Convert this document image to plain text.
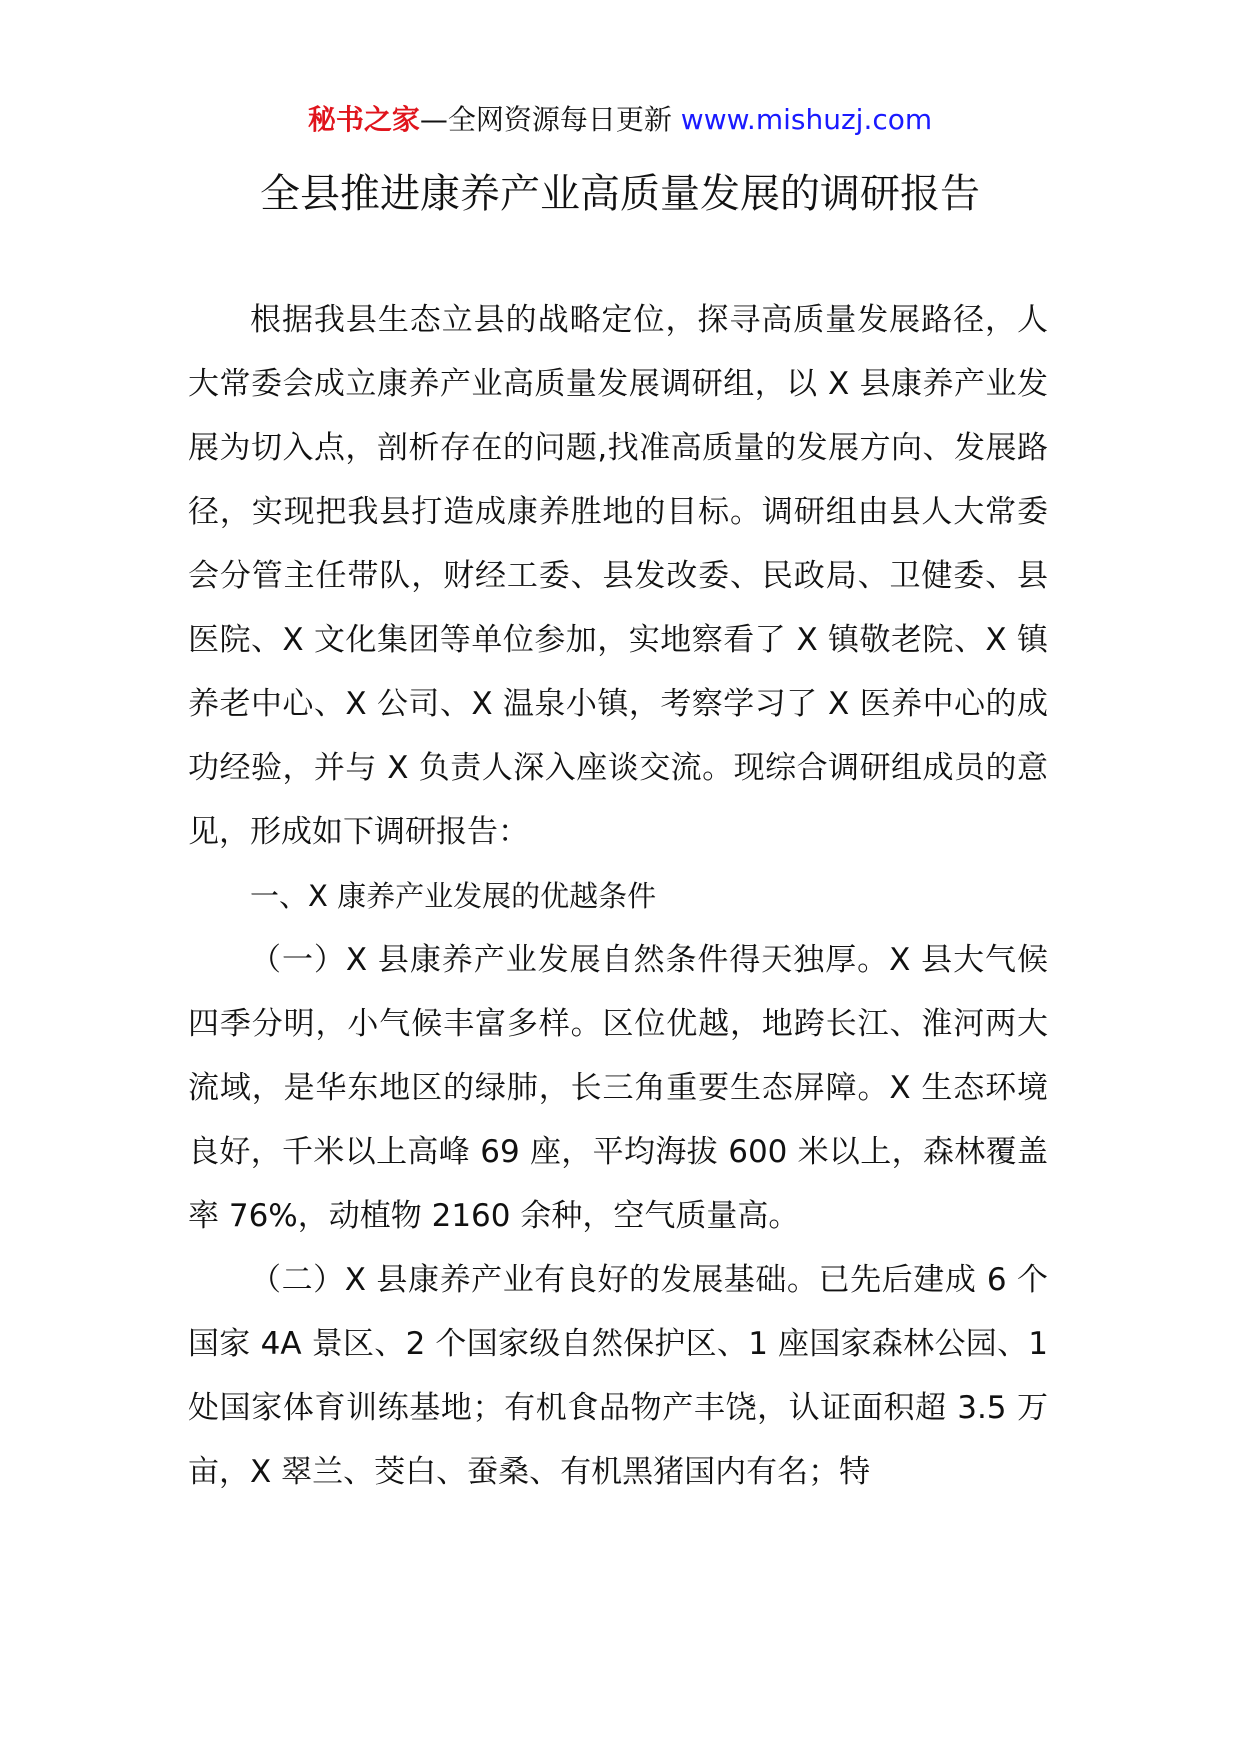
秘书之家—全网资源每日更新 www.mishuzj.com
全县推进康养产业高质量发展的调研报告

根据我县生态立县的战略定位，探寻高质量发展路径，人大常委会成立康养产业高质量发展调研组，以 X 县康养产业发展为切入点，剖析存在的问题,找准高质量的发展方向、发展路径，实现把我县打造成康养胜地的目标。调研组由县人大常委会分管主任带队，财经工委、县发改委、民政局、卫健委、县医院、X 文化集团等单位参加，实地察看了 X 镇敬老院、X 镇养老中心、X 公司、X 温泉小镇，考察学习了 X 医养中心的成功经验，并与 X 负责人深入座谈交流。现综合调研组成员的意见，形成如下调研报告：

一、X 康养产业发展的优越条件

（一）X 县康养产业发展自然条件得天独厚。X 县大气候四季分明，小气候丰富多样。区位优越，地跨长江、淮河两大流域，是华东地区的绿肺，长三角重要生态屏障。X 生态环境良好，千米以上高峰 69 座，平均海拔 600 米以上，森林覆盖率 76%，动植物 2160 余种，空气质量高。

（二）X 县康养产业有良好的发展基础。已先后建成 6 个国家 4A 景区、2 个国家级自然保护区、1 座国家森林公园、1 处国家体育训练基地；有机食品物产丰饶，认证面积超 3.5 万亩，X 翠兰、茭白、蚕桑、有机黑猪国内有名；特
